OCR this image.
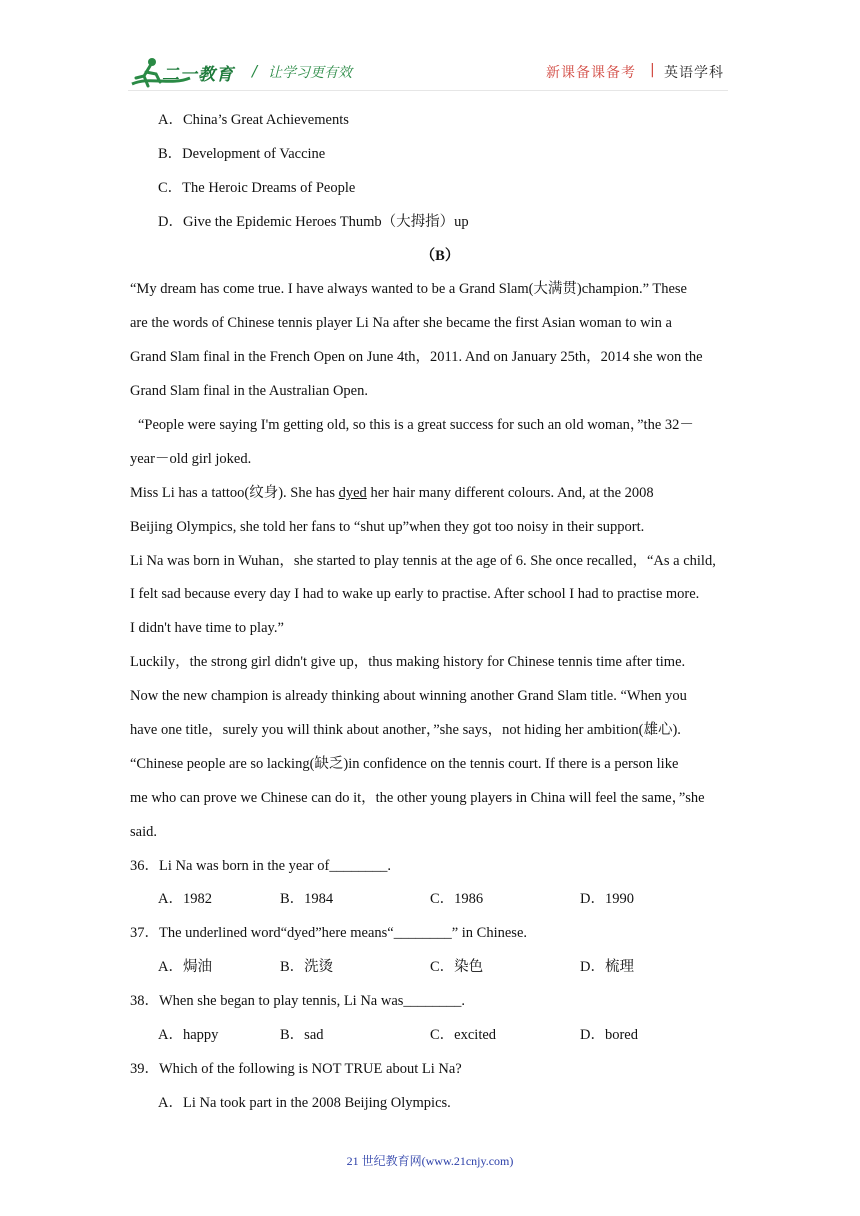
二一教育 / 让学习更有效	新课备课备考 | 英语学科
A．China’s Great Achievements
B．Development of Vaccine
C．The Heroic Dreams of People
D．Give the Epidemic Heroes Thumb（大拇指）up
（B）
“My dream has come true. I have always wanted to be a Grand Slam(大满贯)champion.” These
are the words of Chinese tennis player Li Na after she became the first Asian woman to win a
Grand Slam final in the French Open on June 4th，2011. And on January 25th，2014 she won the
Grand Slam final in the Australian Open.
“People were saying I'm getting old, so this is a great success for such an old woman，”the 32－
year－old girl joked.
Miss Li has a tattoo(纹身). She has dyed her hair many different colours. And, at the 2008
Beijing Olympics, she told her fans to “shut up”when they got too noisy in their support.
Li Na was born in Wuhan，she started to play tennis at the age of 6. She once recalled，“As a child,
I felt sad because every day I had to wake up early to practise. After school I had to practise more.
I didn't have time to play.”
Luckily，the strong girl didn't give up，thus making history for Chinese tennis time after time.
Now the new champion is already thinking about winning another Grand Slam title. “When you
have one title，surely you will think about another，”she says，not hiding her ambition(雄心).
“Chinese people are so lacking(缺乏)in confidence on the tennis court. If there is a person like
me who can prove we Chinese can do it，the other young players in China will feel the same，”she
said.
36．Li Na was born in the year of________.
A．1982	B．1984	C．1986	D．1990
37．The underlined word“dyed”here means“________” in Chinese.
A．焗油	B．洗烫	C．染色	D．梳理
38．When she began to play tennis, Li Na was________.
A．happy	B．sad	C．excited	D．bored
39．Which of the following is NOT TRUE about Li Na?
A．Li Na took part in the 2008 Beijing Olympics.
21 世纪教育网(www.21cnjy.com)
